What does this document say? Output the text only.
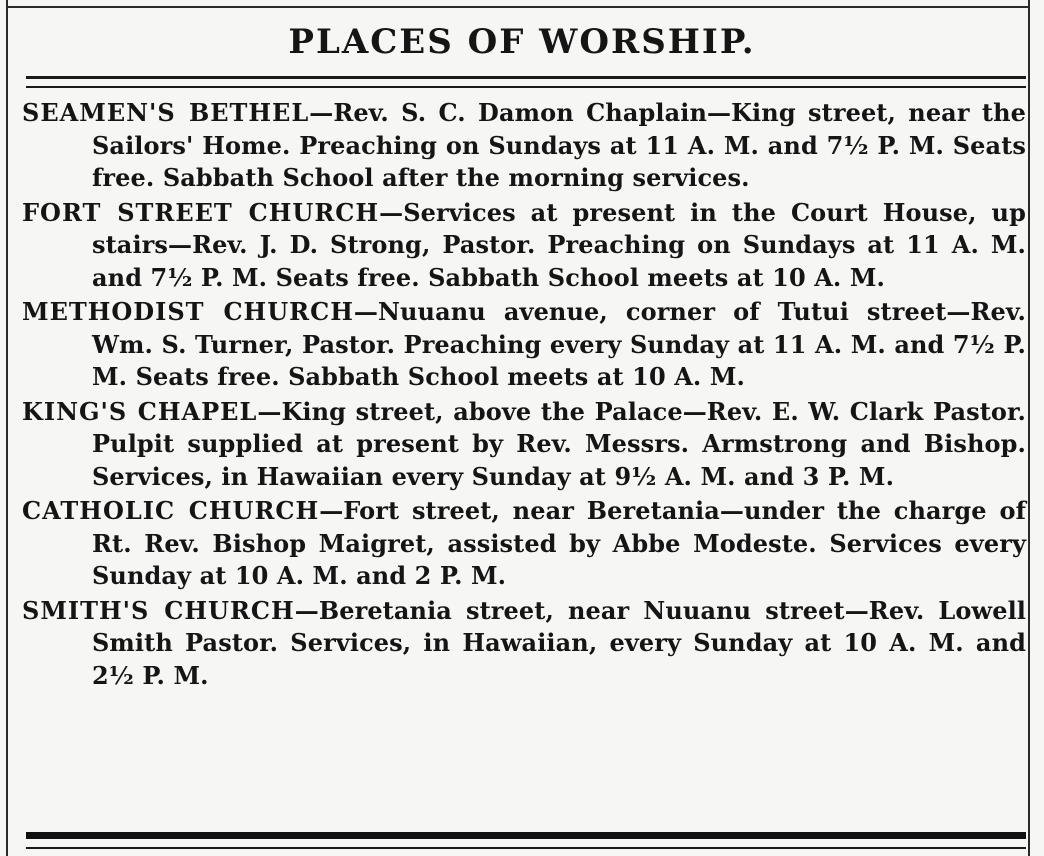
PLACES OF WORSHIP.

SEAMEN'S BETHEL—Rev. S. C. Damon Chaplain—King street, near the Sailors' Home. Preaching on Sundays at 11 A. M. and 7½ P. M. Seats free. Sabbath School after the morning services.

FORT STREET CHURCH—Services at present in the Court House, up stairs—Rev. J. D. Strong, Pastor. Preaching on Sundays at 11 A. M. and 7½ P. M. Seats free. Sabbath School meets at 10 A. M.

METHODIST CHURCH—Nuuanu avenue, corner of Tutui street—Rev. Wm. S. Turner, Pastor. Preaching every Sunday at 11 A. M. and 7½ P. M. Seats free. Sabbath School meets at 10 A. M.

KING'S CHAPEL—King street, above the Palace—Rev. E. W. Clark Pastor. Pulpit supplied at present by Rev. Messrs. Armstrong and Bishop. Services, in Hawaiian every Sunday at 9½ A. M. and 3 P. M.

CATHOLIC CHURCH—Fort street, near Beretania—under the charge of Rt. Rev. Bishop Maigret, assisted by Abbe Modeste. Services every Sunday at 10 A. M. and 2 P. M.

SMITH'S CHURCH—Beretania street, near Nuuanu street—Rev. Lowell Smith Pastor. Services, in Hawaiian, every Sunday at 10 A. M. and 2½ P. M.
